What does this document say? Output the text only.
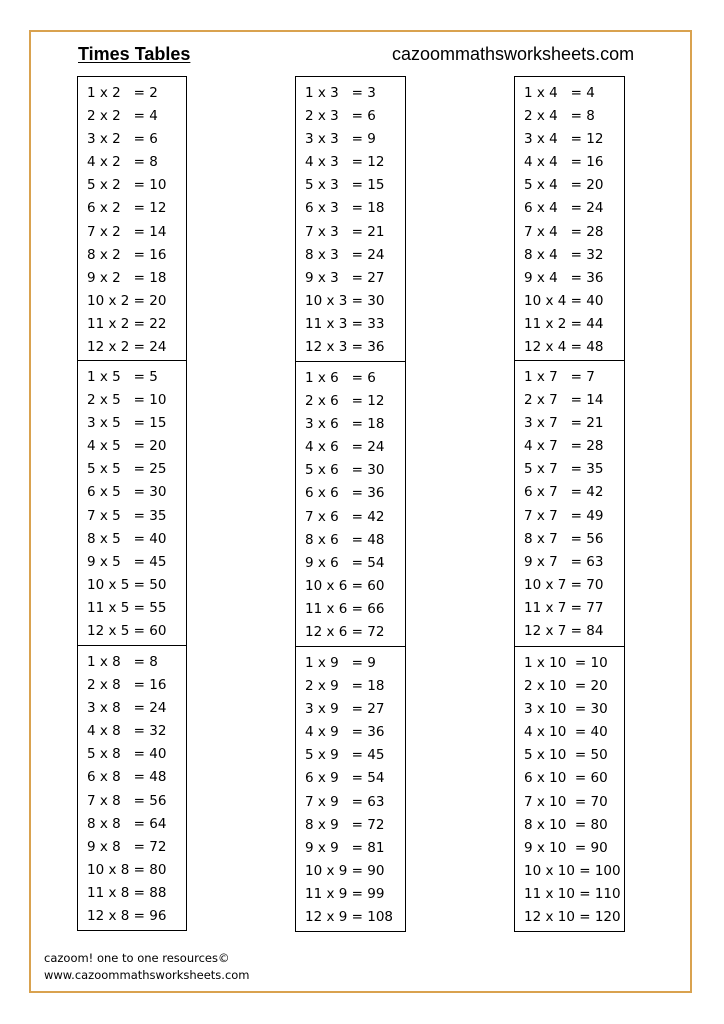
Times Tables	cazoommathsworksheets.com
1 x 2   = 2
2 x 2   = 4
3 x 2   = 6
4 x 2   = 8
5 x 2   = 10
6 x 2   = 12
7 x 2   = 14
8 x 2   = 16
9 x 2   = 18
10 x 2 = 20
11 x 2 = 22
12 x 2 = 24
1 x 5   = 5
2 x 5   = 10
3 x 5   = 15
4 x 5   = 20
5 x 5   = 25
6 x 5   = 30
7 x 5   = 35
8 x 5   = 40
9 x 5   = 45
10 x 5 = 50
11 x 5 = 55
12 x 5 = 60
1 x 8   = 8
2 x 8   = 16
3 x 8   = 24
4 x 8   = 32
5 x 8   = 40
6 x 8   = 48
7 x 8   = 56
8 x 8   = 64
9 x 8   = 72
10 x 8 = 80
11 x 8 = 88
12 x 8 = 96
1 x 3   = 3
2 x 3   = 6
3 x 3   = 9
4 x 3   = 12
5 x 3   = 15
6 x 3   = 18
7 x 3   = 21
8 x 3   = 24
9 x 3   = 27
10 x 3 = 30
11 x 3 = 33
12 x 3 = 36
1 x 6   = 6
2 x 6   = 12
3 x 6   = 18
4 x 6   = 24
5 x 6   = 30
6 x 6   = 36
7 x 6   = 42
8 x 6   = 48
9 x 6   = 54
10 x 6 = 60
11 x 6 = 66
12 x 6 = 72
1 x 9   = 9
2 x 9   = 18
3 x 9   = 27
4 x 9   = 36
5 x 9   = 45
6 x 9   = 54
7 x 9   = 63
8 x 9   = 72
9 x 9   = 81
10 x 9 = 90
11 x 9 = 99
12 x 9 = 108
1 x 4   = 4
2 x 4   = 8
3 x 4   = 12
4 x 4   = 16
5 x 4   = 20
6 x 4   = 24
7 x 4   = 28
8 x 4   = 32
9 x 4   = 36
10 x 4 = 40
11 x 2 = 44
12 x 4 = 48
1 x 7   = 7
2 x 7   = 14
3 x 7   = 21
4 x 7   = 28
5 x 7   = 35
6 x 7   = 42
7 x 7   = 49
8 x 7   = 56
9 x 7   = 63
10 x 7 = 70
11 x 7 = 77
12 x 7 = 84
1 x 10  = 10
2 x 10  = 20
3 x 10  = 30
4 x 10  = 40
5 x 10  = 50
6 x 10  = 60
7 x 10  = 70
8 x 10  = 80
9 x 10  = 90
10 x 10 = 100
11 x 10 = 110
12 x 10 = 120
cazoom! one to one resources©
www.cazoommathsworksheets.com
